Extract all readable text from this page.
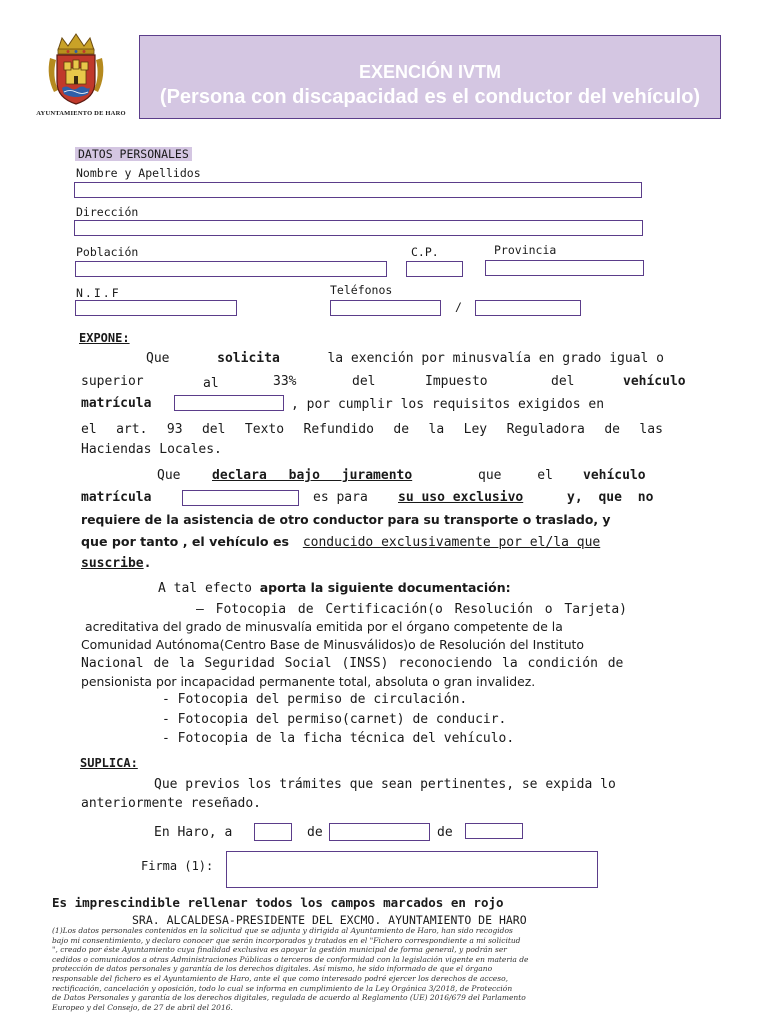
AYUNTAMIENTO DE HARO
EXENCIÓN IVTM
(Persona con discapacidad es el conductor del vehículo)
DATOS PERSONALES
Nombre y Apellidos
Dirección
Población	C.P.	Provincia
N.I.F	Teléfonos
/
EXPONE:
Que	solicita	la exención por minusvalía en grado igual o
superior	al	33%	del	Impuesto	del	vehículo
matrícula	, por cumplir los requisitos exigidos en
el art. 93 del Texto Refundido de la Ley Reguladora de las
Haciendas Locales.
Que declara bajo juramento	que el vehículo
matrícula	es para su uso exclusivo	y, que no
requiere de la asistencia de otro conductor para su transporte o traslado, y
que por tanto , el vehículo es conducido exclusivamente por el/la que
suscribe.
A tal efecto aporta la siguiente documentación:
– Fotocopia de Certificación(o Resolución o Tarjeta)
acreditativa del grado de minusvalía emitida por el órgano competente de la
Comunidad Autónoma(Centro Base de Minusválidos)o de Resolución del Instituto
Nacional de la Seguridad Social (INSS) reconociendo la condición de
pensionista por incapacidad permanente total, absoluta o gran invalidez.
- Fotocopia del permiso de circulación.
- Fotocopia del permiso(carnet) de conducir.
- Fotocopia de la ficha técnica del vehículo.
SUPLICA:
Que previos los trámites que sean pertinentes, se expida lo
anteriormente reseñado.
En Haro, a	de	de
Firma (1):
Es imprescindible rellenar todos los campos marcados en rojo
SRA. ALCALDESA-PRESIDENTE DEL EXCMO. AYUNTAMIENTO DE HARO
(1)Los datos personales contenidos en la solicitud que se adjunta y dirigida al Ayuntamiento de Haro, han sido recogidos
bajo mi consentimiento, y declaro conocer que serán incorporados y tratados en el "Fichero correspondiente a mi solicitud
", creado por éste Ayuntamiento cuya finalidad exclusiva es apoyar la gestión municipal de forma general, y podrán ser
cedidos o comunicados a otras Administraciones Públicas o terceros de conformidad con la legislación vigente en materia de
protección de datos personales y garantía de los derechos digitales. Así mismo, he sido informado de que el órgano
responsable del fichero es el Ayuntamiento de Haro, ante el que como interesado podré ejercer los derechos de acceso,
rectificación, cancelación y oposición, todo lo cual se informa en cumplimiento de la Ley Orgánica 3/2018, de Protección
de Datos Personales y garantía de los derechos digitales, regulada de acuerdo al Reglamento (UE) 2016/679 del Parlamento
Europeo y del Consejo, de 27 de abril del 2016.
